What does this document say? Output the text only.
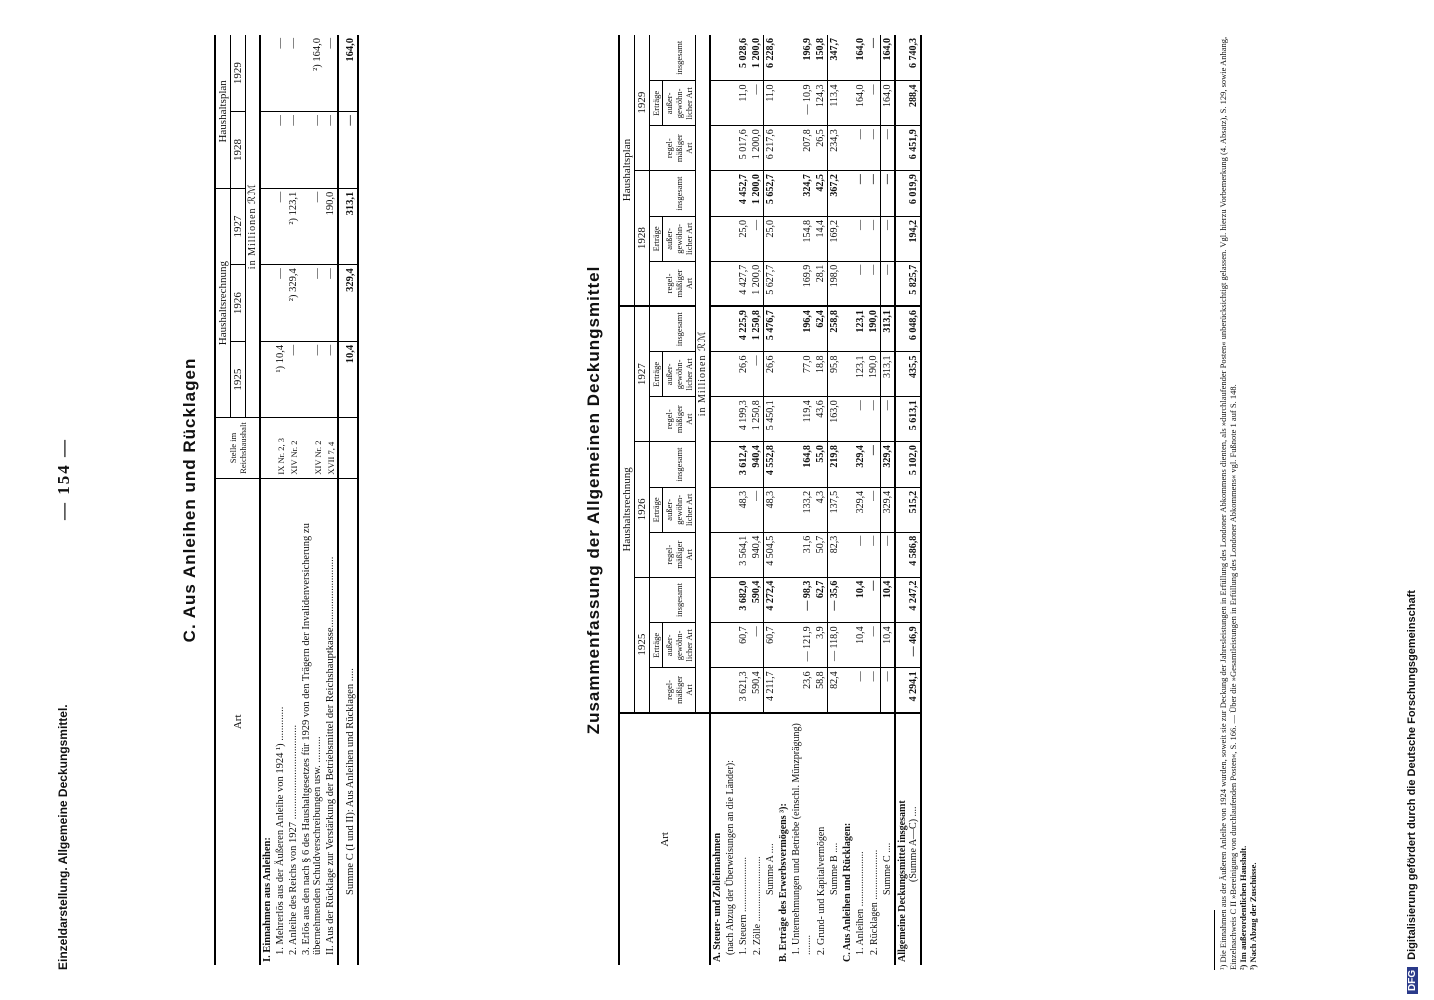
Einzeldarstellung. Allgemeine Deckungsmittel.
— 154 —	C. Aus Anleihen und Rücklagen
Art	Stelle im Reichshaushalt	Haushaltsrechnung			Haushaltsplan	
		1925	1926	1927	1928	1929
		in Millionen ℛℳ				
I. Einnahmen aus Anleihen:						
1. Mehrerlös aus der Äußeren Anleihe von 1924 ¹) .............	IX Nr. 2, 3	¹) 10,4	—	—	—	—
2. Anleihe des Reichs von 1927 ....................................	XIV Nr. 2	—	²) 329,4	²) 123,1	—	—
3. Erlös aus den nach § 6 des Haushaltgesetzes für 1929 von den Trägern der Invalidenversicherung zu übernehmenden Schuldverschreibungen usw. ..........	XIV Nr. 2	—	—	—	—	²) 164,0
II. Aus der Rücklage zur Verstärkung der Betriebsmittel der Reichshauptkasse...........................	XVII 7, 4	—	—	190,0	—	—
Summe C (I und II): Aus Anleihen und Rücklagen .....		10,4	329,4	313,1	—	164,0
Zusammenfassung der Allgemeinen Deckungsmittel
Art	Haushaltsrechnung									Haushaltsplan					
	1925			1926			1927			1928			1929		
		Erträge			Erträge			Erträge			Erträge			Erträge	
	regelmäßiger Art	außergewöhnlicher Art	insgesamt	regelmäßiger Art	außergewöhnlicher Art	insgesamt	regelmäßiger Art	außergewöhnlicher Art	insgesamt	regelmäßiger Art	außergewöhnlicher Art	insgesamt	regelmäßiger Art	außergewöhnlicher Art	insgesamt
	in Millionen ℛℳ														
A. Steuer- und Zolleinnahmen															
(nach Abzug der Überweisungen an die Länder):															
1. Steuern ......................	3 621,3	60,7	3 682,0	3 564,1	48,3	3 612,4	4 199,3	26,6	4 225,9	4 427,7	25,0	4 452,7	5 017,6	11,0	5 028,6
2. Zölle ..........................	590,4	—	590,4	940,4	—	940,4	1 250,8	—	1 250,8	1 200,0	—	1 200,0	1 200,0	—	1 200,0
Summe A ....	4 211,7	60,7	4 272,4	4 504,5	48,3	4 552,8	5 450,1	26,6	5 476,7	5 627,7	25,0	5 652,7	6 217,6	11,0	6 228,6
B. Erträge des Erwerbsvermögens ³):															
1. Unternehmungen und Betriebe (einschl. Münzprägung) ........	23,6	— 121,9	— 98,3	31,6	133,2	164,8	119,4	77,0	196,4	169,9	154,8	324,7	207,8	— 10,9	196,9
2. Grund- und Kapitalvermögen	58,8	3,9	62,7	50,7	4,3	55,0	43,6	18,8	62,4	28,1	14,4	42,5	26,5	124,3	150,8
Summe B ....	82,4	— 118,0	— 35,6	82,3	137,5	219,8	163,0	95,8	258,8	198,0	169,2	367,2	234,3	113,4	347,7
C. Aus Anleihen und Rücklagen:															
1. Anleihen ......................	—	10,4	10,4	—	329,4	329,4	—	123,1	123,1	—	—	—	—	164,0	164,0
2. Rücklagen ....................	—	—	—	—	—	—	—	190,0	190,0	—	—	—	—	—	—
Summe C ....	—	10,4	10,4	—	329,4	329,4	—	313,1	313,1	—	—	—	—	164,0	164,0

Allgemeine Deckungsmittel insgesamt (Summe A—C) ....	4 294,1	— 46,9	4 247,2	4 586,8	515,2	5 102,0	5 613,1	435,5	6 048,6	5 825,7	194,2	6 019,9	6 451,9	288,4	6 740,3	¹) Die Einnahmen aus der Äußeren Anleihe von 1924 wurden, soweit sie zur Deckung der Jahresleistungen in Erfüllung des Londoner Abkommens dienten, als »durchlaufender Posten« unberücksichtigt gelassen. Vgl. hierzu Vorbemerkung (4. Absatz), S. 129, sowie Anhang, Einzelnachweis C II »Bereinigung von durchlaufenden Posten«, S. 166. — Über die »Gesamtleistungen in Erfüllung des Londoner Abkommens« vgl. Fußnote 1 auf S. 148. ²) Im außerordentlichen Haushalt. ³) Nach Abzug der Zuschüsse.
DFG Digitalisierung gefördert durch die Deutsche Forschungsgemeinschaft
